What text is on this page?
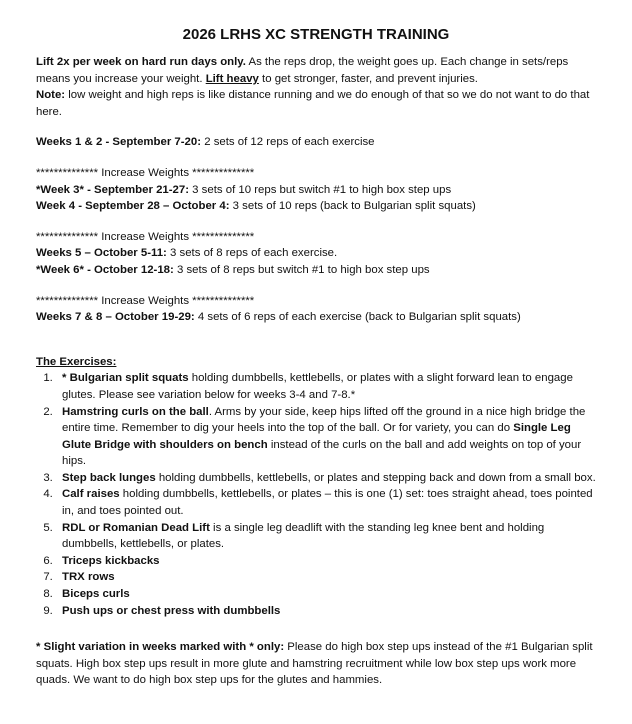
2026 LRHS XC STRENGTH TRAINING

Lift 2x per week on hard run days only. As the reps drop, the weight goes up. Each change in sets/reps means you increase your weight. Lift heavy to get stronger, faster, and prevent injuries.
Note: low weight and high reps is like distance running and we do enough of that so we do not want to do that here.

Weeks 1 & 2 - September 7-20: 2 sets of 12 reps of each exercise

************** Increase Weights **************
*Week 3* - September 21-27: 3 sets of 10 reps but switch #1 to high box step ups
Week 4 - September 28 – October 4: 3 sets of 10 reps (back to Bulgarian split squats)

************** Increase Weights **************
Weeks 5 – October 5-11: 3 sets of 8 reps of each exercise.
*Week 6* - October 12-18: 3 sets of 8 reps but switch #1 to high box step ups

************** Increase Weights **************
Weeks 7 & 8 – October 19-29: 4 sets of 6 reps of each exercise (back to Bulgarian split squats)

The Exercises:

1. * Bulgarian split squats holding dumbbells, kettlebells, or plates with a slight forward lean to engage glutes. Please see variation below for weeks 3-4 and 7-8.*
2. Hamstring curls on the ball. Arms by your side, keep hips lifted off the ground in a nice high bridge the entire time. Remember to dig your heels into the top of the ball. Or for variety, you can do Single Leg Glute Bridge with shoulders on bench instead of the curls on the ball and add weights on top of your hips.
3. Step back lunges holding dumbbells, kettlebells, or plates and stepping back and down from a small box.
4. Calf raises holding dumbbells, kettlebells, or plates – this is one (1) set: toes straight ahead, toes pointed in, and toes pointed out.
5. RDL or Romanian Dead Lift is a single leg deadlift with the standing leg knee bent and holding dumbbells, kettlebells, or plates.
6. Triceps kickbacks
7. TRX rows
8. Biceps curls
9. Push ups or chest press with dumbbells

* Slight variation in weeks marked with * only: Please do high box step ups instead of the #1 Bulgarian split squats. High box step ups result in more glute and hamstring recruitment while low box step ups work more quads. We want to do high box step ups for the glutes and hammies.
